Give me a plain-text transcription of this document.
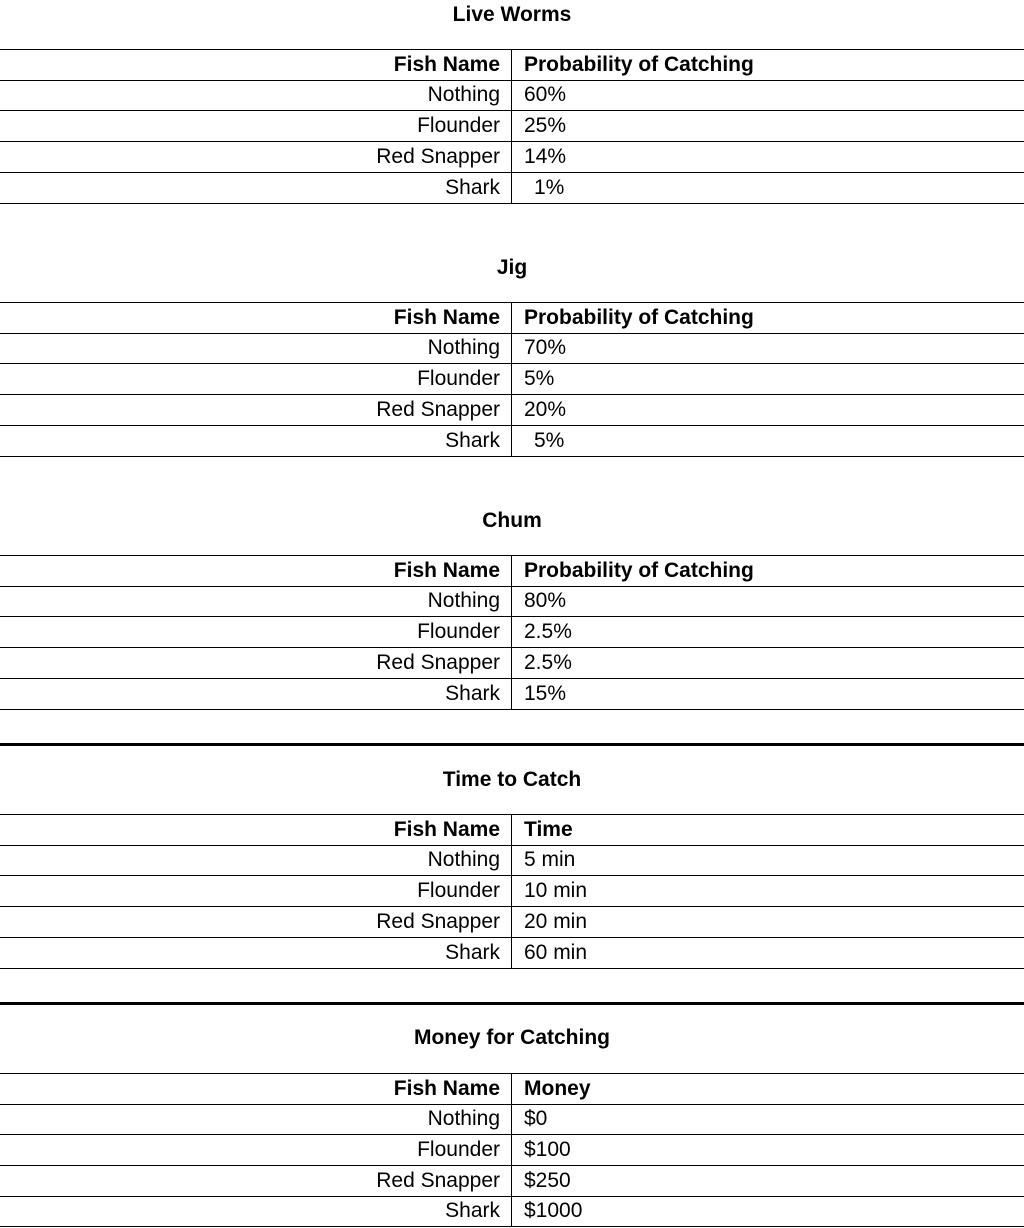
Live Worms
Fish Name	Probability of Catching
Nothing	60%
Flounder	25%
Red Snapper	14%
Shark	1%
Jig
Fish Name	Probability of Catching
Nothing	70%
Flounder	5%
Red Snapper	20%
Shark	5%
Chum
Fish Name	Probability of Catching
Nothing	80%
Flounder	2.5%
Red Snapper	2.5%
Shark	15%
Time to Catch
Fish Name	Time
Nothing	5 min
Flounder	10 min
Red Snapper	20 min
Shark	60 min
Money for Catching
Fish Name	Money
Nothing	$0
Flounder	$100
Red Snapper	$250
Shark	$1000
